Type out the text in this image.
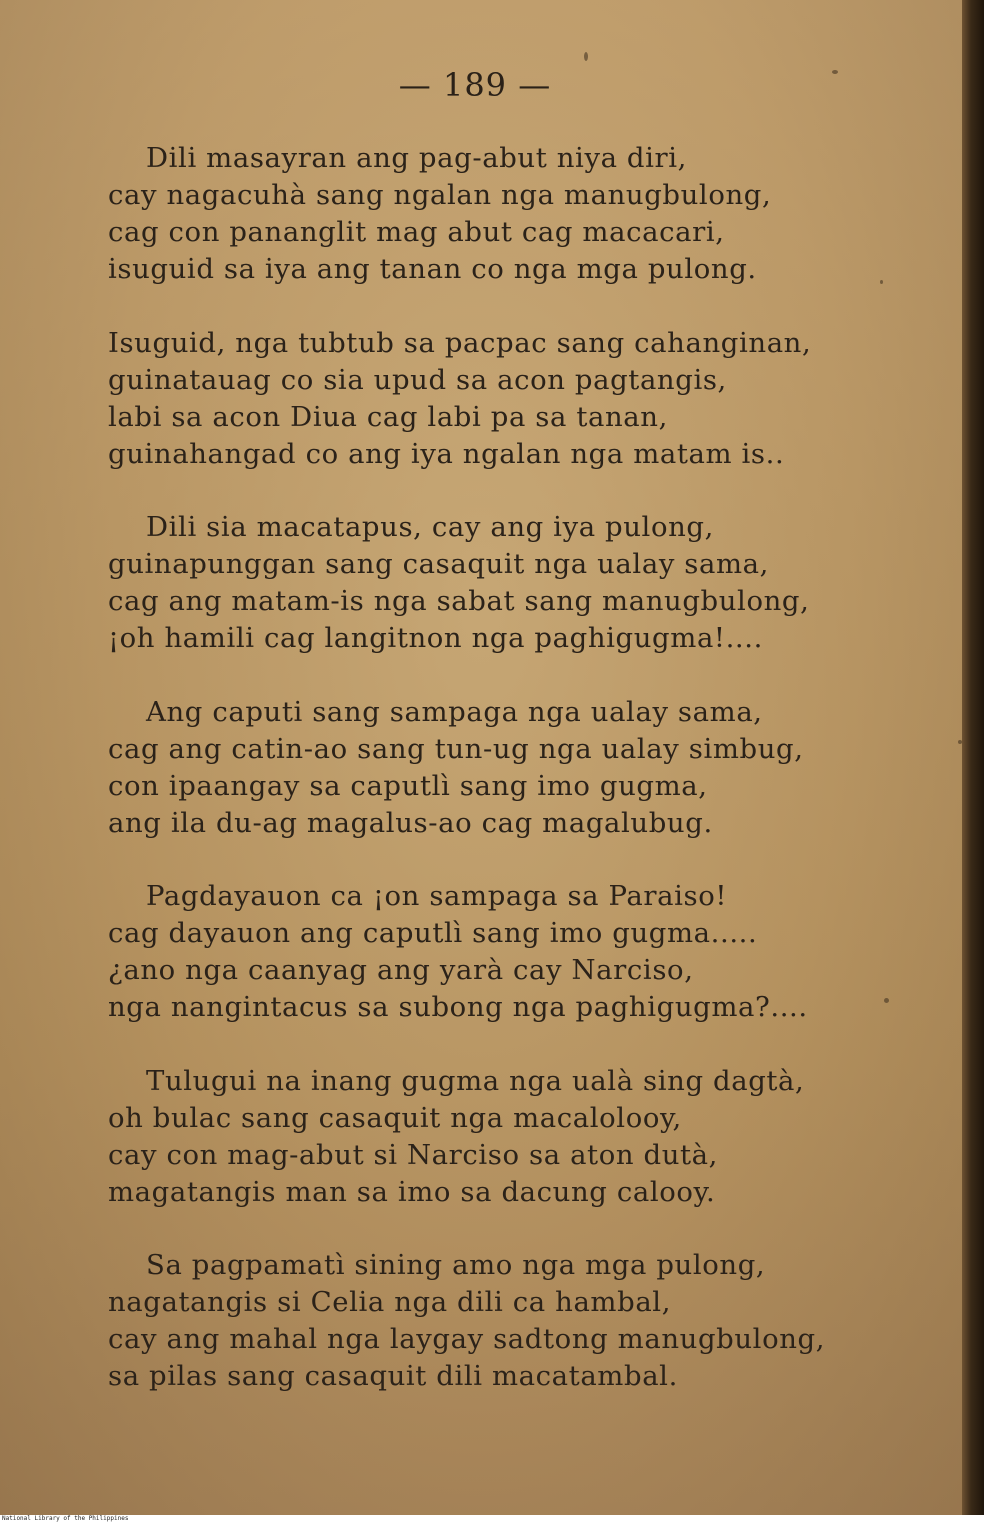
— 189 —
Dili masayran ang pag-abut niya diri,
cay nagacuhà sang ngalan nga manugbulong,
cag con pananglit mag abut cag macacari,
isuguid sa iya ang tanan co nga mga pulong.
Isuguid, nga tubtub sa pacpac sang cahanginan,
guinatauag co sia upud sa acon pagtangis,
labi sa acon Diua cag labi pa sa tanan,
guinahangad co ang iya ngalan nga matam is..
Dili sia macatapus, cay ang iya pulong,
guinapunggan sang casaquit nga ualay sama,
cag ang matam-is nga sabat sang manugbulong,
¡oh hamili cag langitnon nga paghigugma!....
Ang caputi sang sampaga nga ualay sama,
cag ang catin-ao sang tun-ug nga ualay simbug,
con ipaangay sa caputlì sang imo gugma,
ang ila du-ag magalus-ao cag magalubug.
Pagdayauon ca ¡on sampaga sa Paraiso!
cag dayauon ang caputlì sang imo gugma.....
¿ano nga caanyag ang yarà cay Narciso,
nga nangintacus sa subong nga paghigugma?....
Tulugui na inang gugma nga ualà sing dagtà,
oh bulac sang casaquit nga macalolooy,
cay con mag-abut si Narciso sa aton dutà,
magatangis man sa imo sa dacung calooy.
Sa pagpamatì sining amo nga mga pulong,
nagatangis si Celia nga dili ca hambal,
cay ang mahal nga laygay sadtong manugbulong,
sa pilas sang casaquit dili macatambal.
National Library of the Philippines
